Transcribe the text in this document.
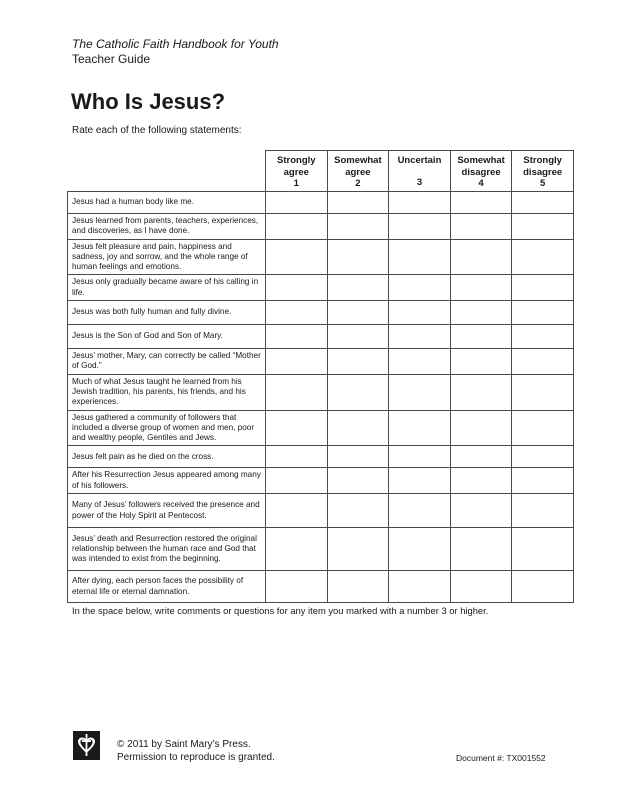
The Catholic Faith Handbook for Youth
Teacher Guide
Who Is Jesus?
Rate each of the following statements:
	Strongly
agree
1	Somewhat
agree
2	Uncertain
3	Somewhat
disagree
4	Strongly
disagree
5

Jesus had a human body like me.					
Jesus learned from parents, teachers, experiences, and discoveries, as I have done.					
Jesus felt pleasure and pain, happiness and sadness, joy and sorrow, and the whole range of human feelings and emotions.					
Jesus only gradually became aware of his calling in life.					
Jesus was both fully human and fully divine.					
Jesus is the Son of God and Son of Mary.					
Jesus’ mother, Mary, can correctly be called “Mother of God.”					
Much of what Jesus taught he learned from his Jewish tradition, his parents, his friends, and his experiences.					
Jesus gathered a community of followers that included a diverse group of women and men, poor and wealthy people, Gentiles and Jews.					
Jesus felt pain as he died on the cross.					
After his Resurrection Jesus appeared among many of his followers.					
Many of Jesus’ followers received the presence and power of the Holy Spirit at Pentecost.					
Jesus’ death and Resurrection restored the original relationship between the human race and God that was intended to exist from the beginning.					
After dying, each person faces the possibility of eternal life or eternal damnation.					
In the space below, write comments or questions for any item you marked with a number 3 or higher.
© 2011 by Saint Mary’s Press.
Permission to reproduce is granted.	Document #: TX001552
